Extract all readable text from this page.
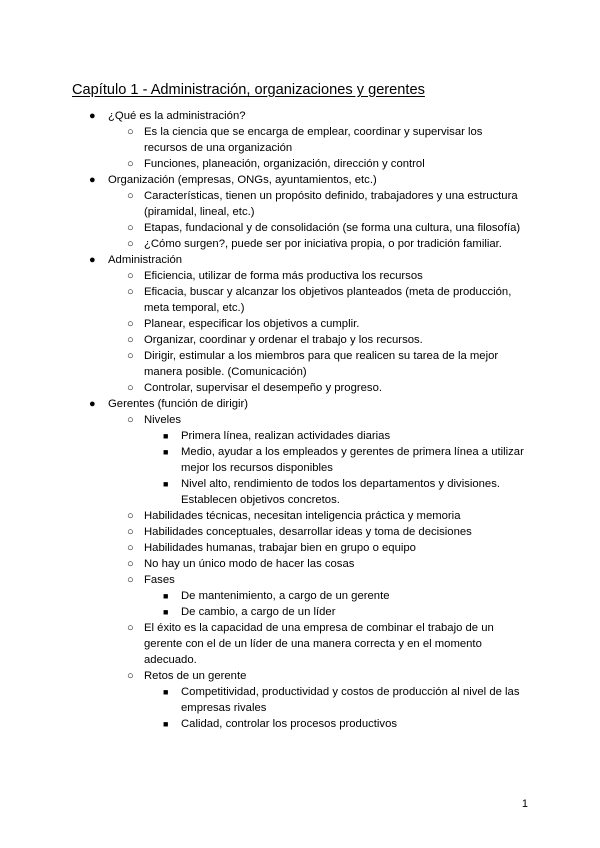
Capítulo 1 - Administración, organizaciones y gerentes
● ¿Qué es la administración?
○ Es la ciencia que se encarga de emplear, coordinar y supervisar los recursos de una organización
○ Funciones, planeación, organización, dirección y control
● Organización (empresas, ONGs, ayuntamientos, etc.)
○ Características, tienen un propósito definido, trabajadores y una estructura (piramidal, lineal, etc.)
○ Etapas, fundacional y de consolidación (se forma una cultura, una filosofía)
○ ¿Cómo surgen?, puede ser por iniciativa propia, o por tradición familiar.
● Administración
○ Eficiencia, utilizar de forma más productiva los recursos
○ Eficacia, buscar y alcanzar los objetivos planteados (meta de producción, meta temporal, etc.)
○ Planear, especificar los objetivos a cumplir.
○ Organizar, coordinar y ordenar el trabajo y los recursos.
○ Dirigir, estimular a los miembros para que realicen su tarea de la mejor manera posible. (Comunicación)
○ Controlar, supervisar el desempeño y progreso.
● Gerentes (función de dirigir)
○ Niveles
■ Primera línea, realizan actividades diarias
■ Medio, ayudar a los empleados y gerentes de primera línea a utilizar mejor los recursos disponibles
■ Nivel alto, rendimiento de todos los departamentos y divisiones. Establecen objetivos concretos.
○ Habilidades técnicas, necesitan inteligencia práctica y memoria
○ Habilidades conceptuales, desarrollar ideas y toma de decisiones
○ Habilidades humanas, trabajar bien en grupo o equipo
○ No hay un único modo de hacer las cosas
○ Fases
■ De mantenimiento, a cargo de un gerente
■ De cambio, a cargo de un líder
○ El éxito es la capacidad de una empresa de combinar el trabajo de un gerente con el de un líder de una manera correcta y en el momento adecuado.
○ Retos de un gerente
■ Competitividad, productividad y costos de producción al nivel de las empresas rivales
■ Calidad, controlar los procesos productivos
1
